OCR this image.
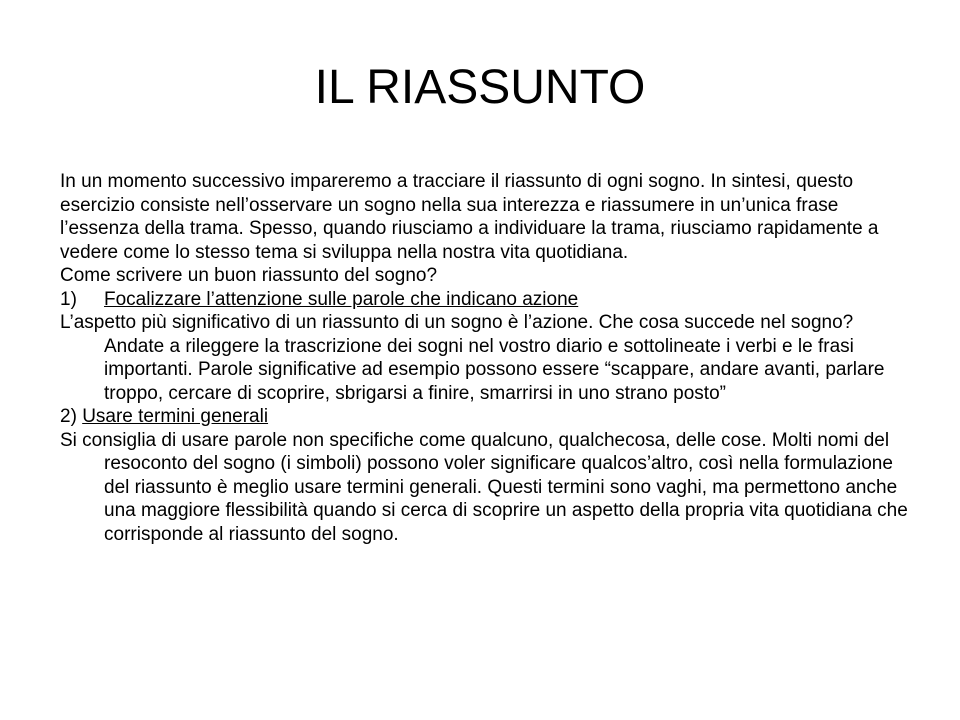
IL RIASSUNTO

In un momento successivo impareremo a tracciare il riassunto di ogni sogno. In sintesi, questo esercizio consiste nell’osservare un sogno nella sua interezza e riassumere in un’unica frase l’essenza della trama. Spesso, quando riusciamo a individuare la trama, riusciamo rapidamente a vedere come lo stesso tema si sviluppa nella nostra vita quotidiana.

Come scrivere un buon riassunto del sogno?

1) Focalizzare l’attenzione sulle parole che indicano azione

L’aspetto più significativo di un riassunto di un sogno è l’azione. Che cosa succede nel sogno? Andate a rileggere la trascrizione dei sogni nel vostro diario e sottolineate i verbi e le frasi importanti. Parole significative ad esempio possono essere “scappare, andare avanti, parlare troppo, cercare di scoprire, sbrigarsi a finire, smarrirsi in uno strano posto”

2) Usare termini generali

Si consiglia di usare parole non specifiche come qualcuno, qualchecosa, delle cose. Molti nomi del resoconto del sogno (i simboli) possono voler significare qualcos’altro, così nella formulazione del riassunto è meglio usare termini generali. Questi termini sono vaghi, ma permettono anche una maggiore flessibilità quando si cerca di scoprire un aspetto della propria vita quotidiana che corrisponde al riassunto del sogno.
